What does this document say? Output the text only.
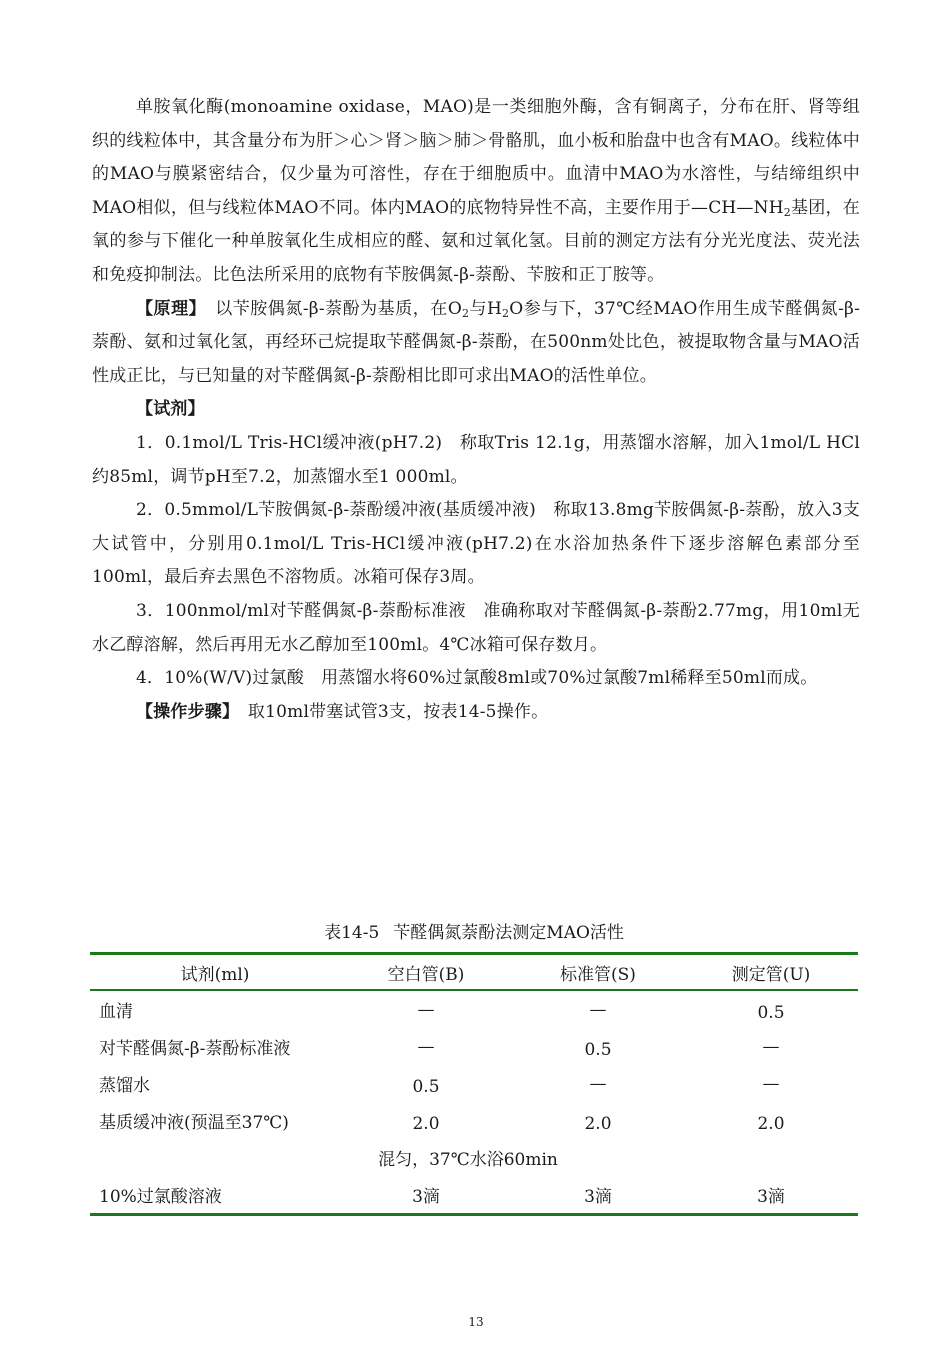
单胺氧化酶(monoamine oxidase，MAO)是一类细胞外酶，含有铜离子，分布在肝、肾等组织的线粒体中，其含量分布为肝＞心＞肾＞脑＞肺＞骨骼肌，血小板和胎盘中也含有MAO。线粒体中的MAO与膜紧密结合，仅少量为可溶性，存在于细胞质中。血清中MAO为水溶性，与结缔组织中MAO相似，但与线粒体MAO不同。体内MAO的底物特异性不高，主要作用于$—CH—NH_2$基团，在氧的参与下催化一种单胺氧化生成相应的醛、氨和过氧化氢。目前的测定方法有分光光度法、荧光法和免疫抑制法。比色法所采用的底物有苄胺偶氮-β-萘酚、苄胺和正丁胺等。

【原理】　 以苄胺偶氮-β-萘酚为基质，在$O_2$与$H_2O$参与下，37℃经MAO作用生成苄醛偶氮-β-萘酚、氨和过氧化氢，再经环己烷提取苄醛偶氮-β-萘酚，在500nm处比色，被提取物含量与MAO活性成正比，与已知量的对苄醛偶氮-β-萘酚相比即可求出MAO的活性单位。

【试剂】

1．0.1mol/L Tris-HCl缓冲液(pH7.2)　称取Tris 12.1g，用蒸馏水溶解，加入1mol/L HCl约85ml，调节pH至7.2，加蒸馏水至1 000ml。

2．0.5mmol/L苄胺偶氮-β-萘酚缓冲液(基质缓冲液)　称取13.8mg苄胺偶氮-β-萘酚，放入3支大试管中，分别用0.1mol/L Tris-HCl缓冲液(pH7.2)在水浴加热条件下逐步溶解色素部分至100ml，最后弃去黑色不溶物质。冰箱可保存3周。

3．100nmol/ml对苄醛偶氮-β-萘酚标准液　准确称取对苄醛偶氮-β-萘酚2.77mg，用10ml无水乙醇溶解，然后再用无水乙醇加至100ml。4℃冰箱可保存数月。

4．10%(W/V)过氯酸　用蒸馏水将60%过氯酸8ml或70%过氯酸7ml稀释至50ml而成。

【操作步骤】　 取10ml带塞试管3支，按表14-5操作。

表14-5 苄醛偶氮萘酚法测定MAO活性
试剂(ml)	空白管(B)	标准管(S)	测定管(U)
血清	—	—	0.5
对苄醛偶氮-β-萘酚标准液	—	0.5	—
蒸馏水	0.5	—	—
基质缓冲液(预温至37℃)	2.0	2.0	2.0
混匀，37℃水浴60min			
10%过氯酸溶液	3滴	3滴	3滴
13
